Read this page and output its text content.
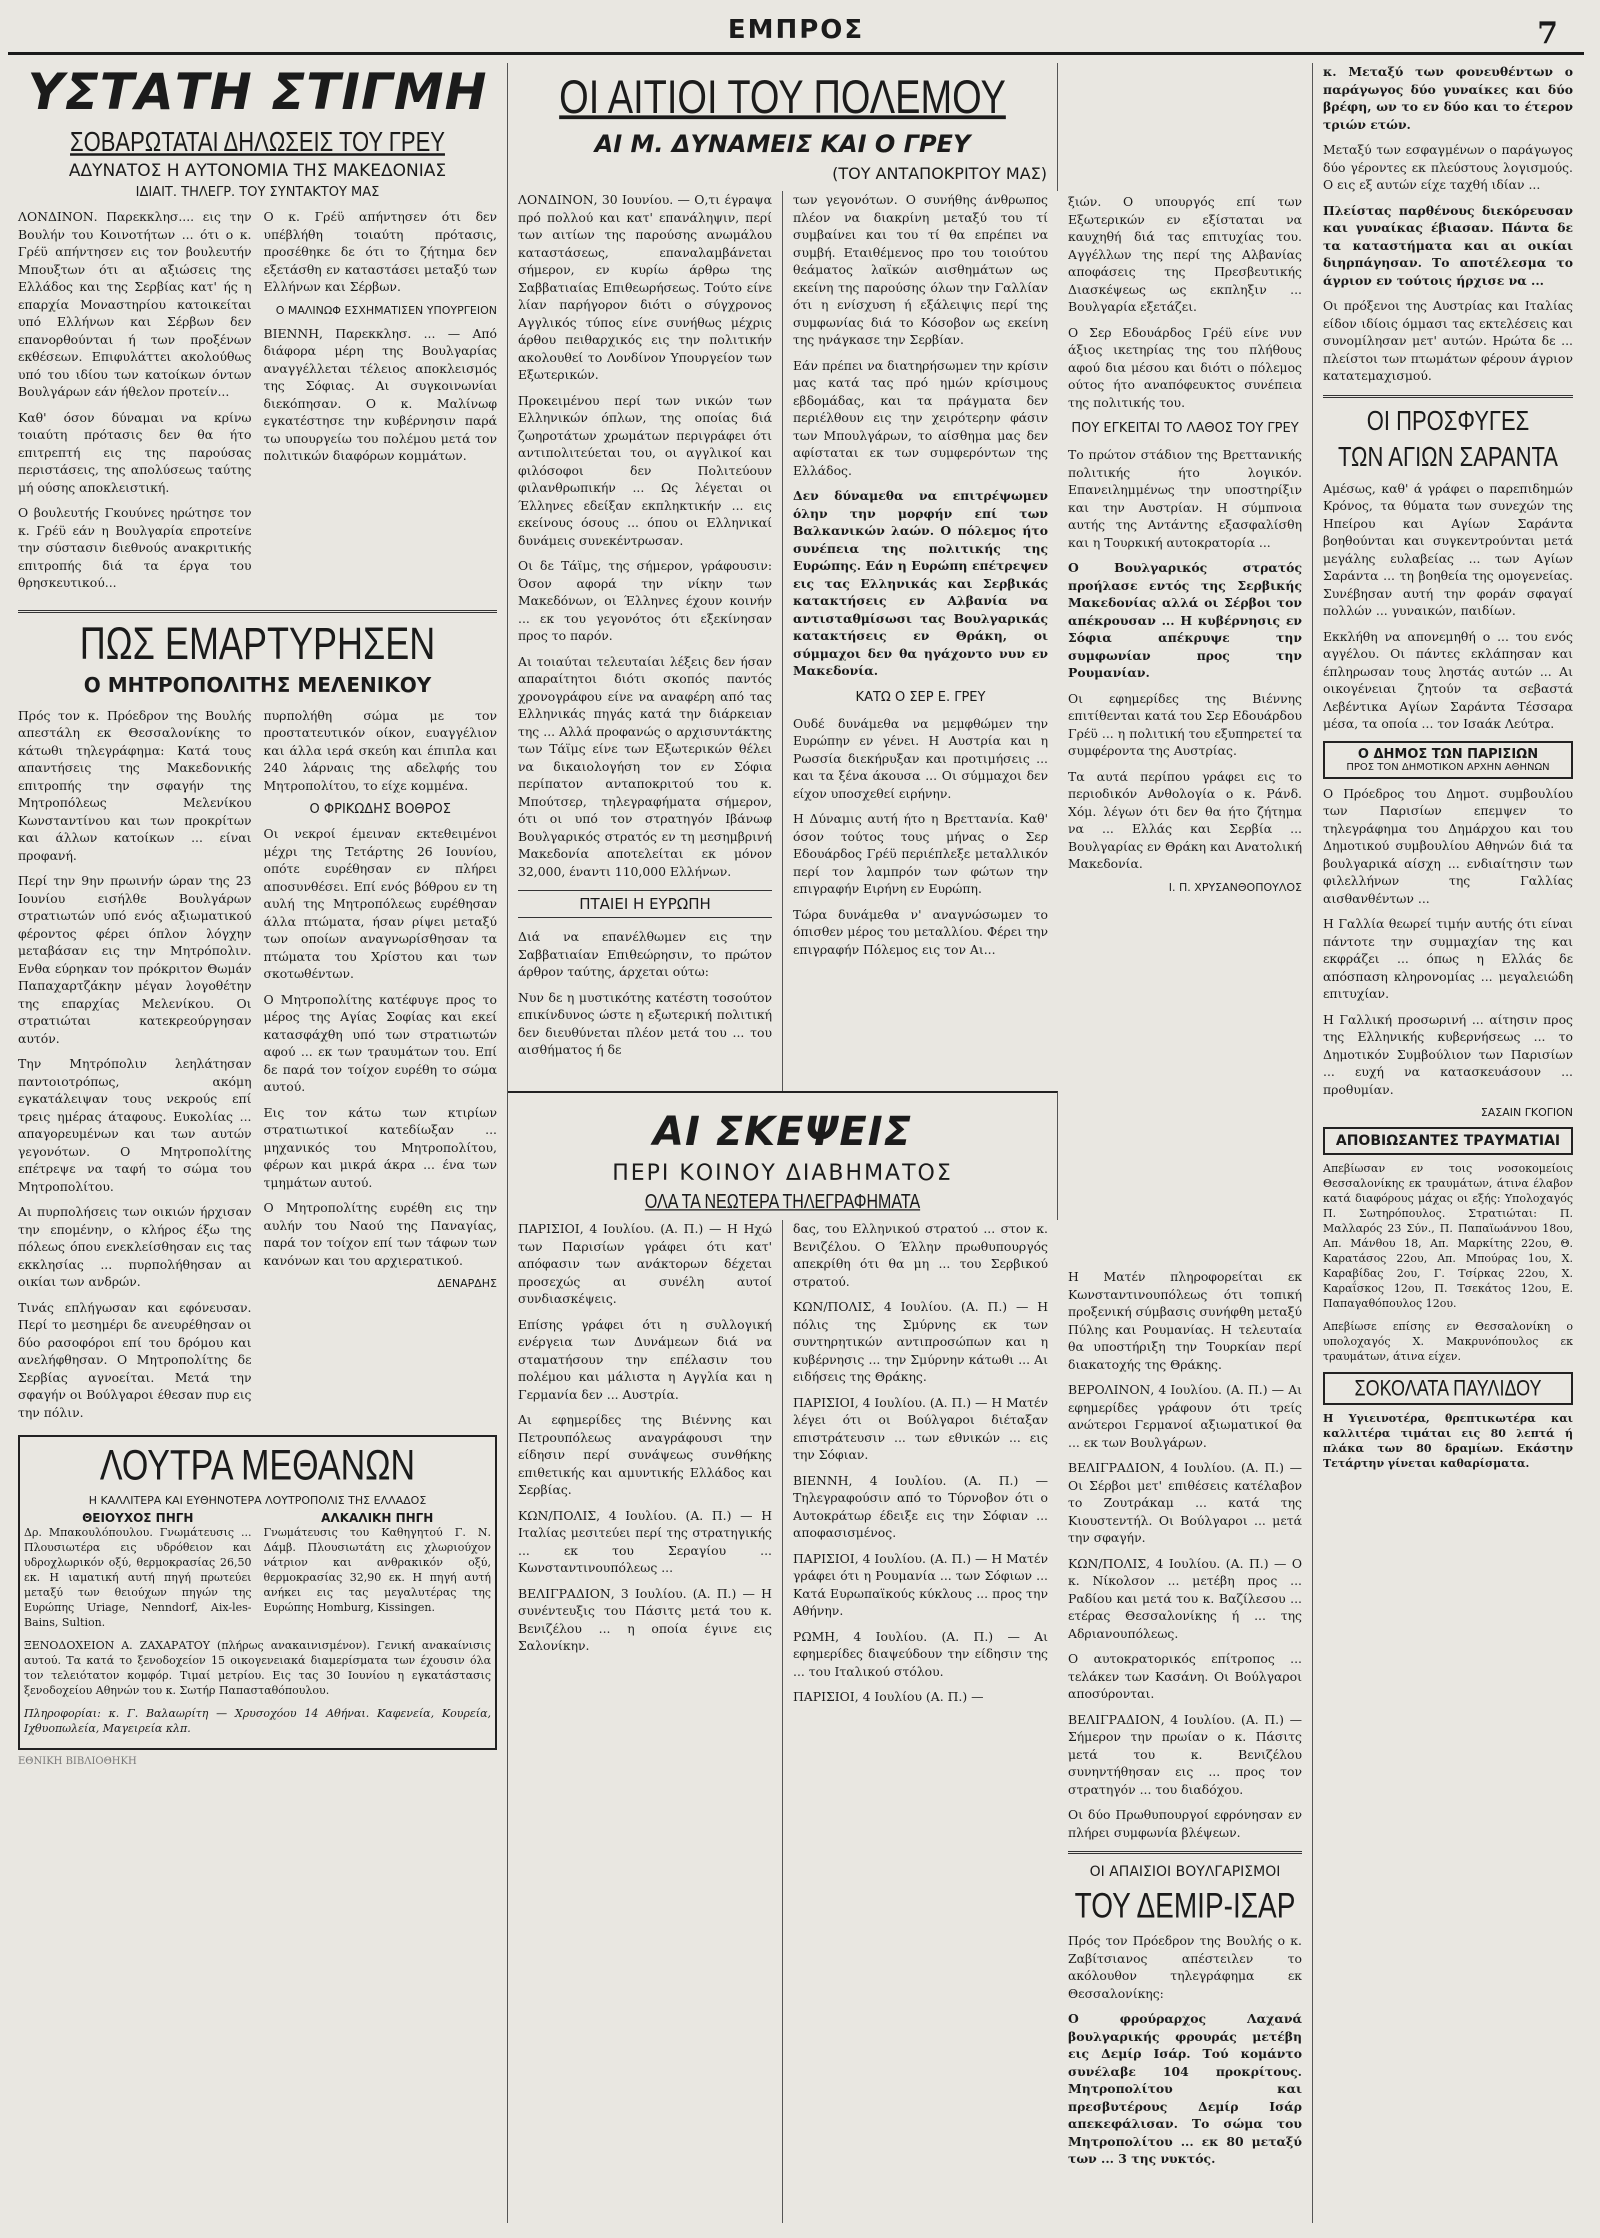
ΕΜΠΡΟΣ	7
ΥΣΤΑΤΗ ΣΤΙΓΜΗ
ΣΟΒΑΡΩΤΑΤΑΙ ΔΗΛΩΣΕΙΣ ΤΟΥ ΓΡΕΥ
ΑΔΥΝΑΤΟΣ Η ΑΥΤΟΝΟΜΙΑ ΤΗΣ ΜΑΚΕΔΟΝΙΑΣ
ΙΔΙΑΙΤ. ΤΗΛΕΓΡ. ΤΟΥ ΣΥΝΤΑΚΤΟΥ ΜΑΣ

ΛΟΝΔΙΝΟΝ. Παρεκκλησ.... εις την Βουλήν του Κοινοτήτων ... ότι ο κ. Γρέϋ απήντησεν εις τον βουλευτήν Μπουξτων ότι αι αξιώσεις της Ελλάδος και της Σερβίας κατ' ής η επαρχία Μοναστηρίου κατοικείται υπό Ελλήνων και Σέρβων δεν επανορθούνται ή των προξένων εκθέσεων. Επιφυλάττει ακολούθως υπό του ιδίου των κατοίκων όντων Βουλγάρων εάν ήθελον προτείν...

Καθ' όσον δύναμαι να κρίνω τοιαύτη πρότασις δεν θα ήτο επιτρεπτή εις της παρούσας περιστάσεις, της απολύσεως ταύτης μή ούσης αποκλειστική.

Ο βουλευτής Γκουύνες ηρώτησε τον κ. Γρέϋ εάν η Βουλγαρία επροτείνε την σύστασιν διεθνούς ανακριτικής επιτροπής διά τα έργα του θρησκευτικού...

Ο κ. Γρέϋ απήντησεν ότι δεν υπέβλήθη τοιαύτη πρότασις, προσέθηκε δε ότι το ζήτημα δεν εξετάσθη εν καταστάσει μεταξύ των Ελλήνων και Σέρβων.

Ο ΜΑΛΙΝΩΦ ΕΣΧΗΜΑΤΙΣΕΝ ΥΠΟΥΡΓΕΙΟΝ

ΒΙΕΝΝΗ, Παρεκκλησ. ... — Από διάφορα μέρη της Βουλγαρίας αναγγέλλεται τέλειος αποκλεισμός της Σόφιας. Αι συγκοινωνίαι διεκόπησαν. Ο κ. Μαλίνωφ εγκατέστησε την κυβέρνησιν παρά τω υπουργείω του πολέμου μετά τον πολιτικών διαφόρων κομμάτων.

ΠΩΣ ΕΜΑΡΤΥΡΗΣΕΝ
Ο ΜΗΤΡΟΠΟΛΙΤΗΣ ΜΕΛΕΝΙΚΟΥ

Πρός τον κ. Πρόεδρον της Βουλής απεστάλη εκ Θεσσαλονίκης το κάτωθι τηλεγράφημα: Κατά τους απαντήσεις της Μακεδονικής επιτροπής την σφαγήν της Μητροπόλεως Μελενίκου Κωνσταντίνου και των προκρίτων και άλλων κατοίκων ... είναι προφανή.

Περί την 9ην πρωινήν ώραν της 23 Ιουνίου εισήλθε Βουλγάρων στρατιωτών υπό ενός αξιωματικού φέροντος φέρει όπλον λόγχην μεταβάσαν εις την Μητρόπολιν. Ενθα εύρηκαν τον πρόκριτον Θωμάν Παπαχαρτζάκην μέγαν λογοθέτην της επαρχίας Μελενίκου. Οι στρατιώται κατεκρεούργησαν αυτόν.

Την Μητρόπολιν λεηλάτησαν παντοιοτρόπως, ακόμη εγκατάλειψαν τους νεκρούς επί τρεις ημέρας άταφους. Ευκολίας ... απαγορευμένων και των αυτών γεγονότων. Ο Μητροπολίτης επέτρεψε να ταφή το σώμα του Μητροπολίτου.

Αι πυρπολήσεις των οικιών ήρχισαν την επομένην, ο κλήρος έξω της πόλεως όπου ενεκλείσθησαν εις τας εκκλησίας ... πυρπολήθησαν αι οικίαι των ανδρών.

Τινάς επλήγωσαν και εφόνευσαν. Περί το μεσημέρι δε ανευρέθησαν οι δύο ρασοφόροι επί του δρόμου και ανελήφθησαν. Ο Μητροπολίτης δε Σερβίας αγνοείται. Μετά την σφαγήν οι Βούλγαροι έθεσαν πυρ εις την πόλιν.

πυρπολήθη σώμα με τον προστατευτικόν οίκον, ευαγγέλιον και άλλα ιερά σκεύη και έπιπλα και 240 λάρναις της αδελφής του Μητροπολίτου, το είχε κομμένα.

Ο ΦΡΙΚΩΔΗΣ ΒΟΘΡΟΣ

Οι νεκροί έμειναν εκτεθειμένοι μέχρι της Τετάρτης 26 Ιουνίου, οπότε ευρέθησαν εν πλήρει αποσυνθέσει. Επί ενός βόθρου εν τη αυλή της Μητροπόλεως ευρέθησαν άλλα πτώματα, ήσαν ρίψει μεταξύ των οποίων αναγνωρίσθησαν τα πτώματα του Χρίστου και των σκοτωθέντων.

Ο Μητροπολίτης κατέφυγε προς το μέρος της Αγίας Σοφίας και εκεί κατασφάχθη υπό των στρατιωτών αφού ... εκ των τραυμάτων του. Επί δε παρά τον τοίχον ευρέθη το σώμα αυτού.

Εις τον κάτω των κτιρίων στρατιωτικοί κατεδίωξαν ... μηχανικός του Μητροπολίτου, φέρων και μικρά άκρα ... ένα των τμημάτων αυτού.

Ο Μητροπολίτης ευρέθη εις την αυλήν του Ναού της Παναγίας, παρά τον τοίχον επί των τάφων των κανόνων και του αρχιερατικού.

ΔΕΝΑΡΔΗΣ
ΛΟΥΤΡΑ ΜΕΘΑΝΩΝ
Η ΚΑΛΛΙΤΕΡΑ ΚΑΙ ΕΥΘΗΝΟΤΕΡΑ ΛΟΥΤΡΟΠΟΛΙΣ ΤΗΣ ΕΛΛΑΔΟΣ
ΘΕΙΟΥΧΟΣ ΠΗΓΗ

Δρ. Μπακουλόπουλου. Γνωμάτευσις ... Πλουσιωτέρα εις υδρόθειον και υδροχλωρικόν οξύ, θερμοκρασίας 26,50 εκ. Η ιαματική αυτή πηγή πρωτεύει μεταξύ των θειούχων πηγών της Ευρώπης Uriage, Nenndorf, Aix-les-Bains, Sultion.

ΑΛΚΑΛΙΚΗ ΠΗΓΗ

Γνωμάτευσις του Καθηγητού Γ. Ν. Δάμβ. Πλουσιωτάτη εις χλωριούχον νάτριον και ανθρακικόν οξύ, θερμοκρασίας 32,90 εκ. Η πηγή αυτή ανήκει εις τας μεγαλυτέρας της Ευρώπης Homburg, Kissingen.

ΞΕΝΟΔΟΧΕΙΟΝ Α. ΖΑΧΑΡΑΤΟΥ (πλήρως ανακαινισμένον). Γενική ανακαίνισις αυτού. Τα κατά το ξενοδοχείον 15 οικογενειακά διαμερίσματα των έχουσιν όλα τον τελειότατον κομφόρ. Τιμαί μετρίου. Εις τας 30 Ιουνίου η εγκατάστασις ξενοδοχείου Αθηνών του κ. Σωτήρ Παπασταθόπουλου.

Πληροφορίαι: κ. Γ. Βαλαωρίτη — Χρυσοχόου 14 Αθήναι. Καφενεία, Κουρεία, Ιχθυοπωλεία, Μαγειρεία κλπ.

ΕΘΝΙΚΗ ΒΙΒΛΙΟΘΗΚΗ
ΟΙ ΑΙΤΙΟΙ ΤΟΥ ΠΟΛΕΜΟΥ
ΑΙ Μ. ΔΥΝΑΜΕΙΣ ΚΑΙ Ο ΓΡΕΥ
(ΤΟΥ ΑΝΤΑΠΟΚΡΙΤΟΥ ΜΑΣ)

ΛΟΝΔΙΝΟΝ, 30 Ιουνίου. — Ο,τι έγραψα πρό πολλού και κατ' επανάληψιν, περί των αιτίων της παρούσης ανωμάλου καταστάσεως, επαναλαμβάνεται σήμερον, εν κυρίω άρθρω της Σαββατιαίας Επιθεωρήσεως. Τούτο είνε λίαν παρήγορον διότι ο σύγχρονος Αγγλικός τύπος είνε συνήθως μέχρις άρθου πειθαρχικός εις την πολιτικήν ακολουθεί το Λονδίνον Υπουργείον των Εξωτερικών.

Προκειμένου περί των νικών των Ελληνικών όπλων, της οποίας διά ζωηροτάτων χρωμάτων περιγράφει ότι αντιπολιτεύεται του, οι αγγλικοί και φιλόσοφοι δεν Πολιτεύουν φιλανθρωπικήν ... Ως λέγεται οι Έλληνες εδείξαν εκπληκτικήν ... εις εκείνους όσους ... όπου οι Ελληνικαί δυνάμεις συνεκέντρωσαν.

Οι δε Τάϊμς, της σήμερον, γράφουσιν: Όσον αφορά την νίκην των Μακεδόνων, οι Έλληνες έχουν κοινήν ... εκ του γεγονότος ότι εξεκίνησαν προς το παρόν.

Αι τοιαύται τελευταίαι λέξεις δεν ήσαν απαραίτητοι διότι σκοπός παντός χρονογράφου είνε να αναφέρη από τας Ελληνικάς πηγάς κατά την διάρκειαν της ... Αλλά προφανώς ο αρχισυντάκτης των Τάϊμς είνε των Εξωτερικών θέλει να δικαιολογήση τον εν Σόφια περίπατον ανταποκριτού του κ. Μπούτσερ, τηλεγραφήματα σήμερον, ότι οι υπό τον στρατηγόν Ιβάνωφ Βουλγαρικός στρατός εν τη μεσημβρινή Μακεδονία αποτελείται εκ μόνον 32,000, έναντι 110,000 Ελλήνων.

ΠΤΑΙΕΙ Η ΕΥΡΩΠΗ

Διά να επανέλθωμεν εις την Σαββατιαίαν Επιθεώρησιν, το πρώτον άρθρον ταύτης, άρχεται ούτω:

Νυν δε η μυστικότης κατέστη τοσούτον επικίνδυνος ώστε η εξωτερική πολιτική δεν διευθύνεται πλέον μετά του ... του αισθήματος ή δε

των γεγονότων. Ο συνήθης άνθρωπος πλέον να διακρίνη μεταξύ του τί συμβαίνει και του τί θα επρέπει να συμβή. Εταιθέμενος προ του τοιούτου θεάματος λαϊκών αισθημάτων ως εκείνη της παρούσης όλων την Γαλλίαν ότι η ενίσχυση ή εξάλειψις περί της συμφωνίας διά το Κόσοβον ως εκείνη της ηνάγκασε την Σερβίαν.

Εάν πρέπει να διατηρήσωμεν την κρίσιν μας κατά τας πρό ημών κρίσιμους εβδομάδας, και τα πράγματα δεν περιέλθουν εις την χειρότερην φάσιν των Μπουλγάρων, το αίσθημα μας δεν αφίσταται εκ των συμφερόντων της Ελλάδος.

Δεν δύναμεθα να επιτρέψωμεν όλην την μορφήν επί των Βαλκανικών λαών. Ο πόλεμος ήτο συνέπεια της πολιτικής της Ευρώπης. Εάν η Ευρώπη επέτρεψεν εις τας Ελληνικάς και Σερβικάς κατακτήσεις εν Αλβανία να αντισταθμίσωσι τας Βουλγαρικάς κατακτήσεις εν Θράκη, οι σύμμαχοι δεν θα ηγάχοντο νυν εν Μακεδονία.

ΚΑΤΩ Ο ΣΕΡ Ε. ΓΡΕΥ

Ουδέ δυνάμεθα να μεμφθώμεν την Ευρώπην εν γένει. Η Αυστρία και η Ρωσσία διεκήρυξαν και προτιμήσεις ... και τα ξένα άκουσα ... Οι σύμμαχοι δεν είχον υποσχεθεί ειρήνην.

Η Δύναμις αυτή ήτο η Βρεττανία. Καθ' όσον τούτος τους μήνας ο Σερ Εδουάρδος Γρέϋ περιέπλεξε μεταλλικόν περί τον λαμπρόν των φώτων την επιγραφήν Ειρήνη εν Ευρώπη.

Τώρα δυνάμεθα ν' αναγνώσωμεν το όπισθεν μέρος του μεταλλίου. Φέρει την επιγραφήν Πόλεμος εις τον Αι...

ΑΙ ΣΚΕΨΕΙΣ
ΠΕΡΙ ΚΟΙΝΟΥ ΔΙΑΒΗΜΑΤΟΣ
ΟΛΑ ΤΑ ΝΕΩΤΕΡΑ ΤΗΛΕΓΡΑΦΗΜΑΤΑ

ΠΑΡΙΣΙΟΙ, 4 Ιουλίου. (Α. Π.) — Η Ηχώ των Παρισίων γράφει ότι κατ' απόφασιν των ανάκτορων δέχεται προσεχώς αι συνέλη αυτοί συνδιασκέψεις.

Επίσης γράφει ότι η συλλογική ενέργεια των Δυνάμεων διά να σταματήσουν την επέλασιν του πολέμου και μάλιστα η Αγγλία και η Γερμανία δεν ... Αυστρία.

Αι εφημερίδες της Βιέννης και Πετρουπόλεως αναγράφουσι την είδησιν περί συνάψεως συνθήκης επιθετικής και αμυντικής Ελλάδος και Σερβίας.

ΚΩΝ/ΠΟΛΙΣ, 4 Ιουλίου. (Α. Π.) — Η Ιταλίας μεσιτεύει περί της στρατηγικής ... εκ του Σεραγίου ... Κωνσταντινουπόλεως ...

ΒΕΛΙΓΡΑΔΙΟΝ, 3 Ιουλίου. (Α. Π.) — Η συνέντευξις του Πάσιτς μετά του κ. Βενιζέλου ... η οποία έγινε εις Σαλονίκην.

δας, του Ελληνικού στρατού ... στον κ. Βενιζέλου. Ο Έλλην πρωθυπουργός απεκρίθη ότι θα μη ... του Σερβικού στρατού.

ΚΩΝ/ΠΟΛΙΣ, 4 Ιουλίου. (Α. Π.) — Η πόλις της Σμύρνης εκ των συντηρητικών αντιπροσώπων και η κυβέρνησις ... την Σμύρνην κάτωθι ... Αι ειδήσεις της Θράκης.

ΠΑΡΙΣΙΟΙ, 4 Ιουλίου. (Α. Π.) — Η Ματέν λέγει ότι οι Βούλγαροι διέταξαν επιστράτευσιν ... των εθνικών ... εις την Σόφιαν.

ΒΙΕΝΝΗ, 4 Ιουλίου. (Α. Π.) — Τηλεγραφούσιν από το Τύρνοβον ότι ο Αυτοκράτωρ έδειξε εις την Σόφιαν ... αποφασισμένος.

ΠΑΡΙΣΙΟΙ, 4 Ιουλίου. (Α. Π.) — Η Ματέν γράφει ότι η Ρουμανία ... των Σόφιων ... Κατά Ευρωπαϊκούς κύκλους ... προς την Αθήνην.

ΡΩΜΗ, 4 Ιουλίου. (Α. Π.) — Αι εφημερίδες διαψεύδουν την είδησιν της ... του Ιταλικού στόλου.

ΠΑΡΙΣΙΟΙ, 4 Ιουλίου (Α. Π.) —

ξιών. Ο υπουργός επί των Εξωτερικών εν εξίσταται να καυχηθή διά τας επιτυχίας του. Αγγέλλων της περί της Αλβανίας αποφάσεις της Πρεσβευτικής Διασκέψεως ως εκπληξιν ... Βουλγαρία εξετάζει.

Ο Σερ Εδουάρδος Γρέϋ είνε νυν άξιος ικετηρίας της του πλήθους αφού δια μέσου και διότι ο πόλεμος ούτος ήτο αναπόφευκτος συνέπεια της πολιτικής του.

ΠΟΥ ΕΓΚΕΙΤΑΙ ΤΟ ΛΑΘΟΣ ΤΟΥ ΓΡΕΥ

Το πρώτον στάδιον της Βρεττανικής πολιτικής ήτο λογικόν. Επανειλημμένως την υποστηρίξιν και την Αυστρίαν. Η σύμπνοια αυτής της Αντάντης εξασφαλίσθη και η Τουρκική αυτοκρατορία ...

Ο Βουλγαρικός στρατός προήλασε εντός της Σερβικής Μακεδονίας αλλά οι Σέρβοι τον απέκρουσαν ... Η κυβέρνησις εν Σόφια απέκρυψε την συμφωνίαν προς την Ρουμανίαν.

Οι εφημερίδες της Βιέννης επιτίθενται κατά του Σερ Εδουάρδου Γρέϋ ... η πολιτική του εξυπηρετεί τα συμφέροντα της Αυστρίας.

Τα αυτά περίπου γράφει εις το περιοδικόν Ανθολογία ο κ. Ράνδ. Χόμ. λέγων ότι δεν θα ήτο ζήτημα να ... Ελλάς και Σερβία ... Βουλγαρίας εν Θράκη και Ανατολική Μακεδονία.

Ι. Π. ΧΡΥΣΑΝΘΟΠΟΥΛΟΣ

Η Ματέν πληροφορείται εκ Κωνσταντινουπόλεως ότι τοπική προξενική σύμβασις συνήφθη μεταξύ Πύλης και Ρουμανίας. Η τελευταία θα υποστήριξη την Τουρκίαν περί διακατοχής της Θράκης.

ΒΕΡΟΛΙΝΟΝ, 4 Ιουλίου. (Α. Π.) — Αι εφημερίδες γράφουν ότι τρείς ανώτεροι Γερμανοί αξιωματικοί θα ... εκ των Βουλγάρων.

ΒΕΛΙΓΡΑΔΙΟΝ, 4 Ιουλίου. (Α. Π.) — Οι Σέρβοι μετ' επιθέσεις κατέλαβον το Ζουτράκαμ ... κατά της Κιουστεντήλ. Οι Βούλγαροι ... μετά την σφαγήν.

ΚΩΝ/ΠΟΛΙΣ, 4 Ιουλίου. (Α. Π.) — Ο κ. Νίκολσον ... μετέβη προς ... Ραδίου και μετά του κ. Βαζίλεσου ... ετέρας Θεσσαλονίκης ή ... της Αδριανουπόλεως.

Ο αυτοκρατορικός επίτροπος ... τελάκεν των Κασάνη. Οι Βούλγαροι αποσύρονται.

ΒΕΛΙΓΡΑΔΙΟΝ, 4 Ιουλίου. (Α. Π.) — Σήμερον την πρωίαν ο κ. Πάσιτς μετά του κ. Βενιζέλου συνηντήθησαν εις ... προς τον στρατηγόν ... του διαδόχου.

Οι δύο Πρωθυπουργοί εφρόνησαν εν πλήρει συμφωνία βλέψεων.

ΟΙ ΑΠΑΙΣΙΟΙ ΒΟΥΛΓΑΡΙΣΜΟΙ
ΤΟΥ ΔΕΜΙΡ-ΙΣΑΡ

Πρός τον Πρόεδρον της Βουλής ο κ. Ζαβίτσιανος απέστειλεν το ακόλουθον τηλεγράφημα εκ Θεσσαλονίκης:

Ο φρούραρχος Λαχανά βουλγαρικής φρουράς μετέβη εις Δεμίρ Ισάρ. Τού κομάντο συνέλαβε 104 προκρίτους. Μητροπολίτου και πρεσβυτέρους Δεμίρ Ισάρ απεκεφάλισαν. Το σώμα του Μητροπολίτου ... εκ 80 μεταξύ των ... 3 της νυκτός.

κ. Μεταξύ των φονευθέντων ο παράγωγος δύο γυναίκες και δύο βρέφη, ων το εν δύο και το έτερον τριών ετών.

Μεταξύ των εσφαγμένων ο παράγωγος δύο γέροντες εκ πλεύστους λογισμούς. Ο εις εξ αυτών είχε ταχθή ιδίαν ...

Πλείστας παρθένους διεκόρευσαν και γυναίκας έβιασαν. Πάντα δε τα καταστήματα και αι οικίαι διηρπάγησαν. Το αποτέλεσμα το άγριον εν τούτοις ήρχισε να ...

Οι πρόξενοι της Αυστρίας και Ιταλίας είδον ιδίοις όμμασι τας εκτελέσεις και συνομίλησαν μετ' αυτών. Ηρώτα δε ... πλείστοι των πτωμάτων φέρουν άγριον κατατεμαχισμού.

ΟΙ ΠΡΟΣΦΥΓΕΣ
ΤΩΝ ΑΓΙΩΝ ΣΑΡΑΝΤΑ

Αμέσως, καθ' ά γράφει ο παρεπιδημών Κρόνος, τα θύματα των συνεχών της Ηπείρου και Αγίων Σαράντα βοηθούνται και συγκεντρούνται μετά μεγάλης ευλαβείας ... των Αγίων Σαράντα ... τη βοηθεία της ομογενείας. Συνέβησαν αυτή την φοράν σφαγαί πολλών ... γυναικών, παιδίων.

Εκκλήθη να απονεμηθή ο ... του ενός αγγέλου. Οι πάντες εκλάπησαν και έπληρωσαν τους ληστάς αυτών ... Αι οικογένειαι ζητούν τα σεβαστά Λεβέντικα Αγίων Σαράντα Τέσσαρα μέσα, τα οποία ... τον Ισαάκ Λεύτρα.

Ο ΔΗΜΟΣ ΤΩΝ ΠΑΡΙΣΙΩΝ
ΠΡΟΣ ΤΟΝ ΔΗΜΟΤΙΚΟΝ ΑΡΧΗΝ ΑΘΗΝΩΝ

Ο Πρόεδρος του Δημοτ. συμβουλίου των Παρισίων επεμψεν το τηλεγράφημα του Δημάρχου και του Δημοτικού συμβουλίου Αθηνών διά τα βουλγαρικά αίσχη ... ενδιαίτησιν των φιλελλήνων της Γαλλίας αισθανθέντων ...

Η Γαλλία θεωρεί τιμήν αυτής ότι είναι πάντοτε την συμμαχίαν της και εκφράζει ... όπως η Ελλάς δε απόσπαση κληρονομίας ... μεγαλειώδη επιτυχίαν.

Η Γαλλική προσωρινή ... αίτησιν προς της Ελληνικής κυβερνήσεως ... το Δημοτικόν Συμβούλιον των Παρισίων ... ευχή να κατασκευάσουν ... προθυμίαν.

ΣΑΣΑΙΝ ΓΚΟΓΙΟΝ
ΑΠΟΒΙΩΣΑΝΤΕΣ ΤΡΑΥΜΑΤΙΑΙ

Απεβίωσαν εν τοις νοσοκομείοις Θεσσαλονίκης εκ τραυμάτων, άτινα έλαβον κατά διαφόρους μάχας οι εξής: Υπολοχαγός Π. Σωτηρόπουλος. Στρατιώται: Π. Μαλλαρός 23 Σύν., Π. Παπαϊωάννου 18ου, Απ. Μάνθου 18, Απ. Μαρκίτης 22ου, Θ. Καρατάσος 22ου, Απ. Μπούρας 1ου, Χ. Καραβίδας 2ου, Γ. Τσίρκας 22ου, Χ. Καραΐσκος 12ου, Π. Τσεκάτος 12ου, Ε. Παπαγαθόπουλος 12ου.

Απεβίωσε επίσης εν Θεσσαλονίκη ο υπολοχαγός Χ. Μακρυνόπουλος εκ τραυμάτων, άτινα είχεν.

ΣΟΚΟΛΑΤΑ ΠΑΥΛΙΔΟΥ

Η Υγιεινοτέρα, θρεπτικωτέρα και καλλιτέρα τιμάται εις 80 λεπτά ή πλάκα των 80 δραμίων. Εκάστην Τετάρτην γίνεται καθαρίσματα.
